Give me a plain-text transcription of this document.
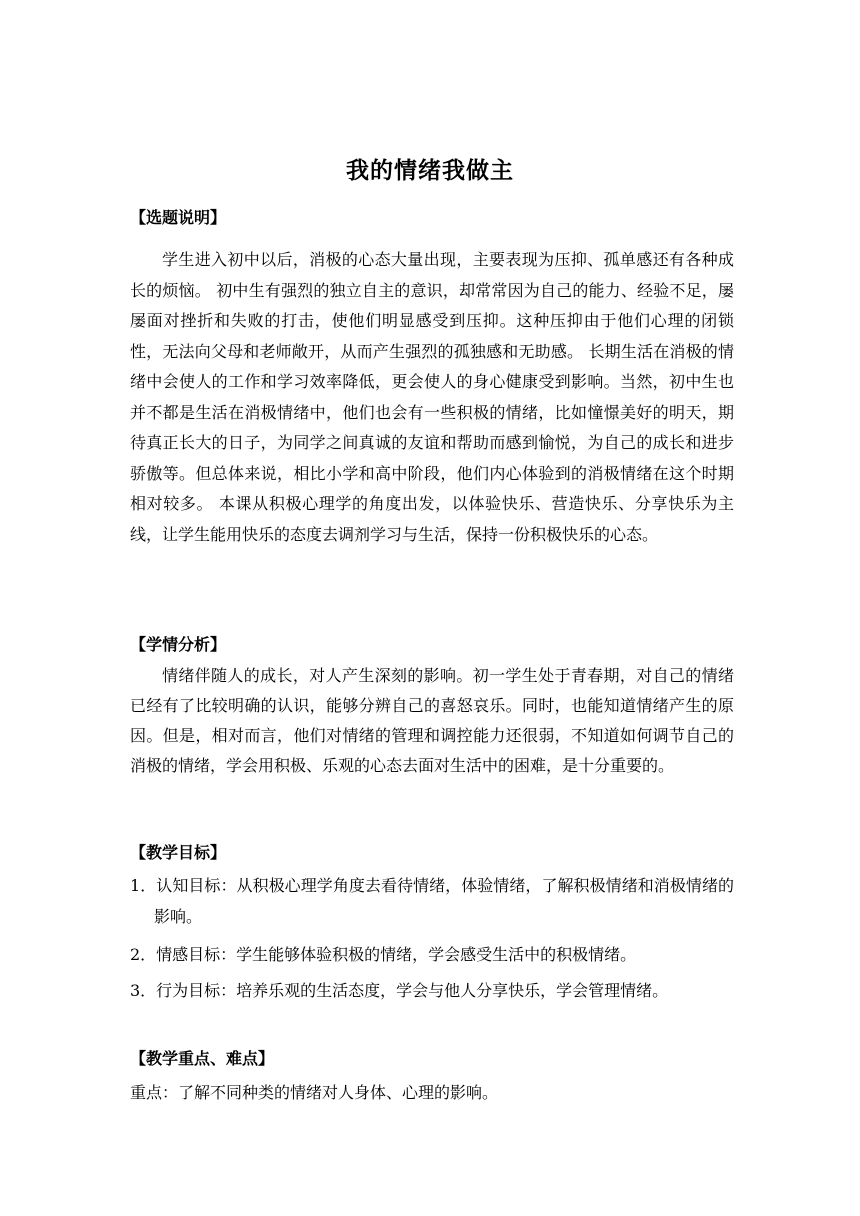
我的情绪我做主
【选题说明】

学生进入初中以后，消极的心态大量出现，主要表现为压抑、孤单感还有各种成长的烦恼。 初中生有强烈的独立自主的意识，却常常因为自己的能力、经验不足，屡屡面对挫折和失败的打击，使他们明显感受到压抑。这种压抑由于他们心理的闭锁性，无法向父母和老师敞开，从而产生强烈的孤独感和无助感。 长期生活在消极的情绪中会使人的工作和学习效率降低，更会使人的身心健康受到影响。当然，初中生也并不都是生活在消极情绪中，他们也会有一些积极的情绪，比如憧憬美好的明天，期待真正长大的日子，为同学之间真诚的友谊和帮助而感到愉悦，为自己的成长和进步骄傲等。但总体来说，相比小学和高中阶段，他们内心体验到的消极情绪在这个时期相对较多。 本课从积极心理学的角度出发，以体验快乐、营造快乐、分享快乐为主线，让学生能用快乐的态度去调剂学习与生活，保持一份积极快乐的心态。

【学情分析】

情绪伴随人的成长，对人产生深刻的影响。初一学生处于青春期，对自己的情绪已经有了比较明确的认识，能够分辨自己的喜怒哀乐。同时，也能知道情绪产生的原因。但是，相对而言，他们对情绪的管理和调控能力还很弱，不知道如何调节自己的消极的情绪，学会用积极、乐观的心态去面对生活中的困难，是十分重要的。

【教学目标】
1．认知目标：从积极心理学角度去看待情绪，体验情绪，了解积极情绪和消极情绪的影响。
2．情感目标：学生能够体验积极的情绪，学会感受生活中的积极情绪。
3．行为目标：培养乐观的生活态度，学会与他人分享快乐，学会管理情绪。
【教学重点、难点】
重点：了解不同种类的情绪对人身体、心理的影响。
